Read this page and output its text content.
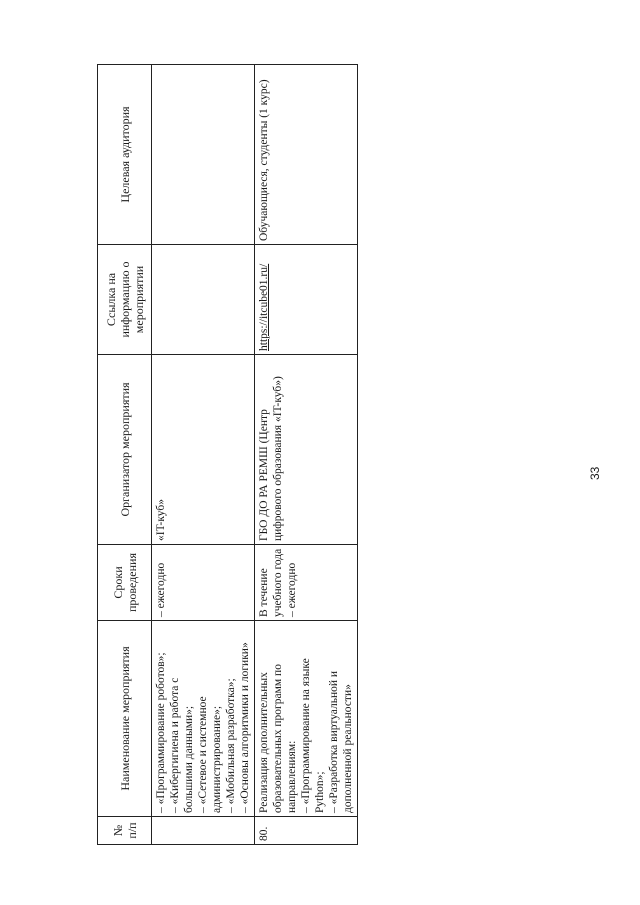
№ п/п	Наименование мероприятия	Сроки проведения	Организатор мероприятия	Ссылка на информацию о мероприятии	Целевая аудитория

	– «Программирование роботов»; – «Кибергигиена и работа с большими данными»; – «Сетевое и системное администрирование»; – «Мобильная разработка»; – «Основы алгоритмики и логики»	– ежегодно	«IT-куб»		
80.	Реализация дополнительных образовательных программ по направлениям: – «Программирование на языке Python»; – «Разработка виртуальной и дополненной реальности»	В течение учебного года – ежегодно	ГБО ДО РА РЕМШ (Центр цифрового образования «IT-куб»)	https://itcube01.ru/	Обучающиеся, студенты (1 курс)
33
